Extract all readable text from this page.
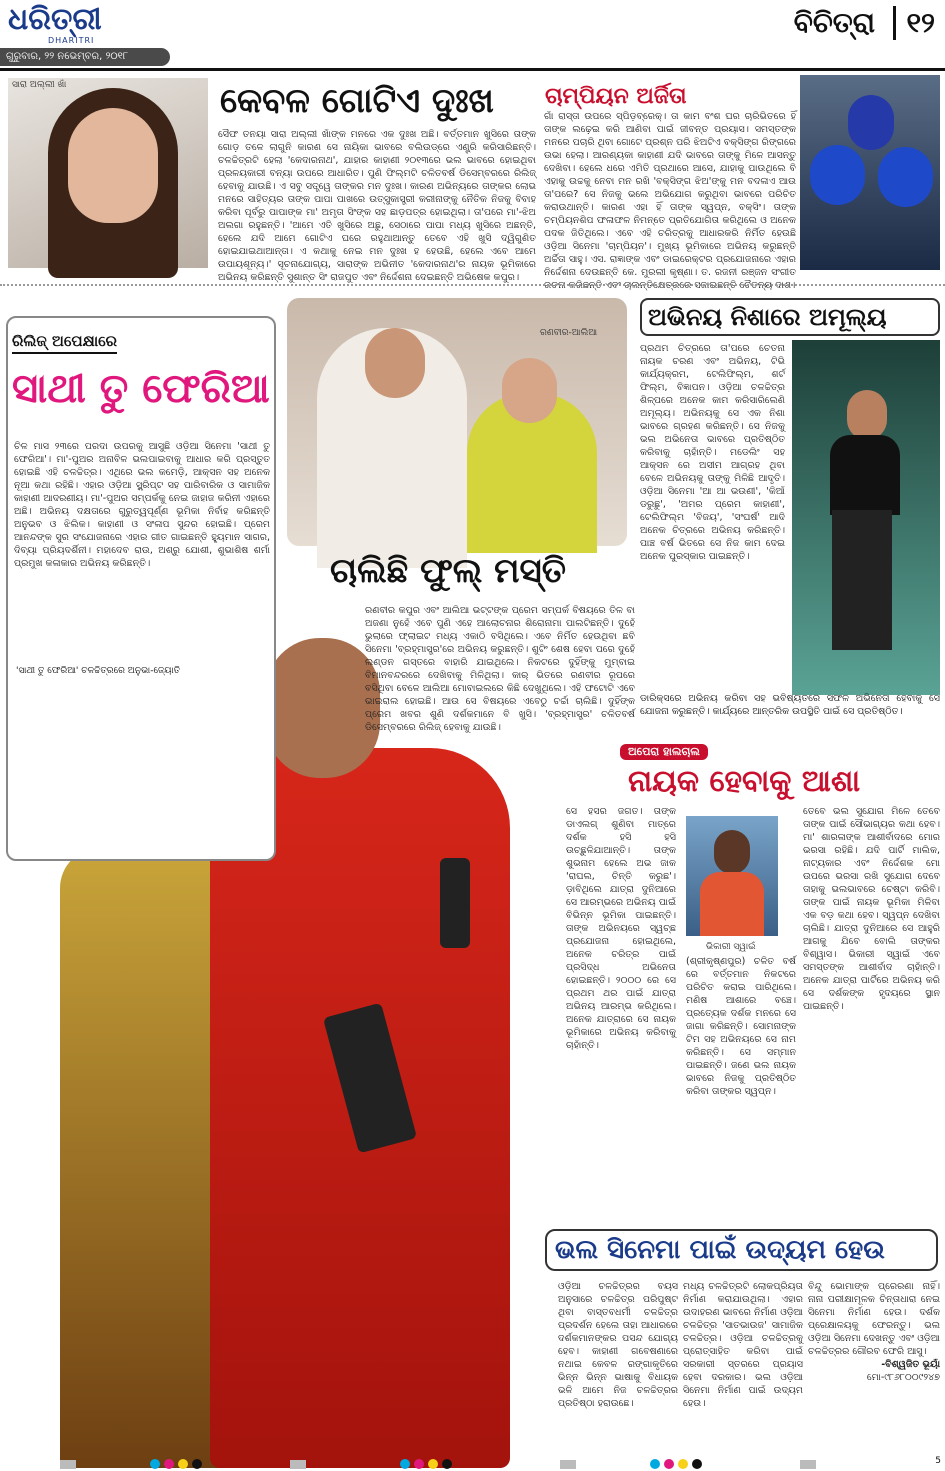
ଧରିତ୍ରୀ
DHARITRI
ଗୁରୁବାର, ୨୨ ନଭେମ୍ବର, ୨୦୧୮
ବିଚିତ୍ରା	୧୨
ସାରା ଅଲ୍ଲୀ ଖାଁ	କେବଳ ଗୋଟିଏ ଦୁଃଖ
ସୈଫ ତନୟା ସାରା ଅଲ୍ଲୀ ଖାଁଙ୍କ ମନରେ ଏକ ଦୁଃଖ ଅଛି। ବର୍ତ୍ତମାନ ଖୁସିରେ ତାଙ୍କ ଗୋଡ଼ ତଳେ ଲାଗୁନି କାରଣ ସେ ନାୟିକା ଭାବରେ ବଲିଉଡ୍‌ରେ ଏଣ୍ଟ୍ରି କରିସାରିଛନ୍ତି। ଚଳଚ୍ଚିତ୍ରଟି ହେଲା 'କେଦାରନାଥ', ଯାହାର କାହାଣୀ ୨୦୧୩ରେ ଭଲ ଭାବରେ ହୋଇଥିବା ପ୍ରଳୟକାରୀ ବନ୍ୟା ଉପରେ ଆଧାରିତ। ପୁଣି ଫିଲ୍ମଟି ଚଳିତବର୍ଷ ଡିସେମ୍ବରରେ ରିଲିଜ୍ ହେବାକୁ ଯାଉଛି। ଏ ସବୁ ସତ୍ତ୍ୱେ ତାଙ୍କର ମନ ଦୁଃଖ। କାରଣ ଅଭିନ୍ୟରେ ତାଙ୍କର ଲୋଭ ମନରେ ସାହିତ୍ୟର ତାଙ୍କ ପାପା ପାଖରେ ଉତ୍ସୁକାସ୍ତ୍ରୀ କରୀନାଙ୍କୁ ନୈତିକ ନିଜକୁ ବିବାହ କରିବା ପୂର୍ବରୁ ପାପାଙ୍କ ମା' ଅମୃତା ସିଂଙ୍କ ସହ ଛାଡ଼ପତ୍ର ହୋଇଥିଲା। ତା'ପରେ ମା'-ଝିଅ ଅଲଗା ରହୁଛନ୍ତି। 'ଆମେ ଏତି ଖୁସିରେ ଅଛୁ, ସେଠାରେ ପାପା ମଧ୍ୟ ଖୁସିରେ ଅଛନ୍ତି, ହେଲେ ଯଦି ଆମେ ଗୋଟିଏ ଘରେ ରହୁଥାଆନ୍ତୁ ତେବେ ଏହି ଖୁସି ଦ୍ୱିଗୁଣିତ ହୋଇଯାଇଥାଆନ୍ତା। ଏ କଥାକୁ ନେଇ ମନ ଦୁଃଖ ହ ହେଉଛି, ହେଲେ ଏବେ ଆମେ ଉପାୟଶୂନ୍ୟ।' ସୂଚନାଯୋଗ୍ୟ, ସାରାଙ୍କ ଅଭିନୀତ 'କେଦାରନାଥ'ର ନାୟକ ଭୂମିକାରେ ଅଭିନୟ କରିଛନ୍ତି ସୁଶାନ୍ତ ସିଂ ରାଜପୁତ ଏବଂ ନିର୍ଦ୍ଦେଶନା ଦେଇଛନ୍ତି ଅଭିଷେକ କପୁର।
ଚାମ୍ପିୟନ ଅର୍ଜିତା
ଗାଁ ରାସ୍ତା ଉପରେ ସ୍ପିଡ଼ବ୍ରେକ୍। ତା କାମ ବଂଶ ଘର ଚାରିଭିତରେ ହିଁ ତାଙ୍କ ଲଢ଼େଇ କରି ଆଣିବା ପାଇଁ ଜୀବନ୍ତ ପ୍ରୟାସ। ସମସ୍ତଙ୍କ ମନରେ ପଚାରି ଥିବା ଗୋଟେ ପ୍ରଶ୍ନ ପରି ଝିଅଟିଏ ବକ୍ସିଙ୍ଗ ରିଙ୍ଗରେ ଉଭା ହେଲା। ଆରଣ୍ୟକା କାହାଣୀ ଯଦି ଭାବରେ ତାଙ୍କୁ ମିଳେ ଆସନ୍ତୁ ଦେଖିବା। ହେଲେ ଧରେ ଏମିତି ପ୍ରଥାରେ ଆସେ, ଯାହାକୁ ପାଉଥିଲେ ବି ଏହାକୁ ଉଚ୍ଚକୁ ନେବା ମନ ରଖି 'ବକ୍ସିଙ୍ଗ ଝିଅ'ଙ୍କୁ ମନ ବଦଳାଏ ଆଉ ତା'ପରେ? ସେ ନିଜକୁ ଭଲେ ଅଭିଯୋଗ କରୁଥିବା ଭାବରେ ପରିଚିତ କରାଉଥାନ୍ତି। କାରଣ ଏହା ହିଁ ତାଙ୍କ ସ୍ୱପ୍ନ, ବକ୍ସିଂ। ତାଙ୍କ ଚମ୍ପିୟନଶିପ ଫଳାଫଳ ନିମନ୍ତେ ପ୍ରତିଯୋଗିତା କରିଥିଲେ ଓ ଅନେକ ପଦକ ଜିତିଥିଲେ। ଏବେ ଏହି ଚରିତ୍ରକୁ ଆଧାରକରି ନିର୍ମିତ ହେଉଛି ଓଡ଼ିଆ ସିନେମା 'ଚାମ୍ପିୟନ'। ମୁଖ୍ୟ ଭୂମିକାରେ ଅଭିନୟ କରୁଛନ୍ତି ଅର୍ଚ୍ଚିତା ସାହୁ। ଏସ. ରାଜ୍ଞାଙ୍କ ଏବଂ ଡାଇରେକ୍ଟର ପ୍ରଯୋଜନାରେ ଏହାର ନିର୍ଦ୍ଦେଶନା ଦେଉଛନ୍ତି କେ. ମୁରଲୀ କୃଷ୍ଣା। ତ. ରଜନୀ ରଞ୍ଜନ ସଂଗୀତ ରଚନା କରିଛନ୍ତି ଏବଂ ଚାଲନ୍ତିକ୍ଷେତ୍ରରେ ସଜାଇଛନ୍ତି ଚୈତନ୍ୟ ଦାଶ।
ରିଲିଜ୍ ଅପେକ୍ଷାରେ
ସାଥୀ ତୁ ଫେରିଆ
ଚିଳ ମାସ ୨୩ରେ ପରଦା ଉପରକୁ ଆସୁଛି ଓଡ଼ିଆ ସିନେମା 'ସାଥୀ ତୁ ଫେରିଆ'। ମା'-ପୁଅର ଅନାବିଳ ଭଲପାଇବାକୁ ଆଧାର କରି ପ୍ରସ୍ତୁତ ହୋଇଛି ଏହି ଚଳଚ୍ଚିତ୍ର। ଏଥିରେ ଭଲ କମେଡ଼ି, ଆକ୍ସନ ସହ ଅନେକ ନୂଆ କଥା ରହିଛି। ଏହାର ଓଡ଼ିଆ ସ୍କ୍ରିପ୍ଟ ସହ ପାରିବାରିକ ଓ ସାମାଜିକ କାହାଣୀ ଆଦରଣୀୟ। ମା'-ପୁଅର ସମ୍ପର୍କକୁ ନେଇ ଜାହାଜ କରିନୀ ଏହାରେ ଅଛି। ଅଭିନୟ ଦକ୍ଷତାରେ ଗୁରୁତ୍ୱପୂର୍ଣ୍ଣ ଭୂମିକା ନିର୍ବାହ କରିଛନ୍ତି ଅନୁଭବ ଓ ଝିଲିକ। କାହାଣୀ ଓ ସଂଳାପ ସୁନ୍ଦର ହୋଇଛି। ପ୍ରେମ ଆନନ୍ଦଙ୍କ ସୁର ସଂଯୋଜନାରେ ଏହାର ଗୀତ ଗାଇଛନ୍ତି ହ୍ୟୁମାନ ସାଗର, ଦିବ୍ୟା ପ୍ରିୟଦର୍ଶିନୀ। ମହାଦେବ ରାଉ, ଅଶ୍ରୁ ଯୋଶୀ, ଶୁଭାଶିଷ ଶର୍ମା ପ୍ରମୁଖ କଳାକାର ଅଭିନୟ କରିଛନ୍ତି।
'ସାଥୀ ତୁ ଫେରିଆ' ଚଳଚ୍ଚିତ୍ରରେ ଅନୁଭା-ଜ୍ୟୋତି
ରଣବୀର-ଆଲିଆ
ଚାଲିଛି ଫୁଲ୍ ମସ୍ତି
ରଣବୀର କପୁର ଏବଂ ଆଲିଆ ଭଟ୍ଟଙ୍କ ପ୍ରେମ ସମ୍ପର୍କ ବିଷୟରେ ତିଳ ବା ଅଜଣା ନୁହେଁ ଏବେ ପୁଣି ଏହେ ଆଲୋଚନାର ଶିରୋନାମା ପାଲଟିଛନ୍ତି। ଦୁହେଁ ଭୁଲାରେ ଫ୍ଲାଇଟ ମଧ୍ୟ ଏକାଠି ବସିଥିଲେ। ଏବେ ନିର୍ମିତ ହେଉଥିବା ଛବି ସିନେମା 'ବ୍ରହ୍ମାସ୍ତ୍ର'ରେ ଅଭିନୟ କରୁଛନ୍ତି। ଶୁଟିଂ ଶେଷ ହେବା ପରେ ଦୁହେଁ ଲଣ୍ଡନ ଗସ୍ତରେ ବାହାରି ଯାଇଥିଲେ। ନିକଟରେ ଦୁହିଁଙ୍କୁ ମୁମ୍ବାଇ ବିମାନବନ୍ଦରରେ ଦେଖିବାକୁ ମିଳିଥିଲା। କାର୍ ଭିତରେ ରଣବୀର ରୂପରେ ବସିଥିବା ବେଳେ ଆଲିଆ ମୋବାଇଲରେ କିଛି ଦେଖୁଥିଲେ। ଏହି ଫଟୋଟି ଏବେ ଭାଇରାଲ ହୋଇଛି। ଆଉ ସେ ବିଷୟରେ ଏବେଠୁ ଚର୍ଚ୍ଚା ଚାଲିଛି। ଦୁହିଁଙ୍କ ପ୍ରେମ ଖବର ଶୁଣି ଦର୍ଶକମାନେ ବି ଖୁସି। 'ବ୍ରହ୍ମାସ୍ତ୍ର' ଚଳିତବର୍ଷ ଡିସେମ୍ବରରେ ରିଲିଜ୍ ହେବାକୁ ଯାଉଛି।
ଅଭିନୟ ନିଶାରେ ଅମୂଲ୍ୟ
ପ୍ରଥମ ଚିତ୍ରରେ ତା'ପରେ ଚେତନା ନାୟକ ଚରଣ ଏବଂ ଅଭିନୟ, ଟିଭି କାର୍ଯ୍ୟକ୍ରମ, ଟେଲିଫିଲ୍ମ, ଶର୍ଟ ଫିଲ୍ମ, ବିଜ୍ଞାପନ। ଓଡ଼ିଆ ଚଳଚ୍ଚିତ୍ର ଶିଳ୍ପରେ ଅନେକ କାମ କରିସାରିଲେଣି ଅମୂଲ୍ୟ। ଅଭିନୟକୁ ସେ ଏକ ନିଶା ଭାବରେ ଗ୍ରହଣ କରିଛନ୍ତି। ସେ ନିଜକୁ ଭଲ ଅଭିନେତା ଭାବରେ ପ୍ରତିଷ୍ଠିତ କରିବାକୁ ଚାହାଁନ୍ତି। ମଡେଲିଂ ସହ ଆକ୍ସନ ରେ ଅସୀମ ଆଗ୍ରହ ଥିବା ବେଳେ ଅଭିନୟକୁ ତାଙ୍କୁ ମିଳିଛି ଆଦୃତି। ଓଡ଼ିଆ ସିନେମା 'ଆ ଆ ଭଉଣୀ', 'କିଆଁ ଡରୁଛୁ', 'ଅମର ପ୍ରେମ କାହାଣୀ', ଟେଲିଫିଲ୍ମ 'ବିଜୟ', 'ସଂଘର୍ଷ' ଆଦି ଅନେକ ଚିତ୍ରରେ ଅଭିନୟ କରିଛନ୍ତି। ପାଞ୍ଚ ବର୍ଷ ଭିତରେ ସେ ନିଜ କାମ ଦେଇ ଅନେକ ପୁରସ୍କାର ପାଇଛନ୍ତି।
ଡାରିକ୍ସରେ ଅଭିନୟ କରିବା ସହ ଭବିଷ୍ୟତରେ ସଫଳ ଅଭିନେତା ହେବାକୁ ସେ ଯୋଜନା କରୁଛନ୍ତି। କାର୍ଯ୍ୟରେ ଆନ୍ତରିକ ଉପସ୍ଥିତି ପାଇଁ ସେ ପ୍ରତିଷ୍ଠିତ।
ଅପେରା ହାଲଚାଲ
ନାୟକ ହେବାକୁ ଆଶା
ସେ ହସର ଜଗତ। ତାଙ୍କ ଡାଏଲଗ୍ ଶୁଣିବା ମାତ୍ରେ ଦର୍ଶକ ହସି ହସି ଉଚ୍ଛୁଳିଯାଆନ୍ତି। ତାଙ୍କ ଶୁଭନାମ ହେଲେ ଅଭ ଜାକ 'ରାଘଲ, ଚିନ୍ତି କରୁଛ'। ଡ଼ାବିଥିଲେ ଯାତ୍ରା ଦୁନିଆରେ ସେ ଆରମ୍ଭରେ ଅଭିନୟ ପାଇଁ ବିଭିନ୍ନ ଭୂମିକା ପାଇଛନ୍ତି। ତାଙ୍କ ଅଭିନୟରେ ସ୍ୱଚ୍ଛ ପ୍ରଯୋଜନା ହୋଇଥିଲେ, ଅନେକ ଚରିତ୍ର ପାଇଁ ପ୍ରସିଦ୍ଧ ଅଭିନେତା ହୋଇଛନ୍ତି। ୨୦୦୦ ରେ ସେ ପ୍ରଥମ ଥର ପାଇଁ ଯାତ୍ରା ଅଭିନୟ ଆରମ୍ଭ କରିଥିଲେ। ଅନେକ ଯାତ୍ରାରେ ସେ ନାୟକ ଭୂମିକାରେ ଅଭିନୟ କରିବାକୁ ଚାହାଁନ୍ତି।
ଭିକାରୀ ସ୍ୱାଇଁ
(ଶ୍ରୀକୃଷ୍ଣପୁର) ଚଳିତ ବର୍ଷ ରେ ବର୍ତ୍ତମାନ ନିକଟରେ ପରିଚିତ କରାଇ ପାରିଥିଲେ। ମଣିଷ ଆଶାରେ ବଞ୍ଚେ। ପ୍ରତ୍ୟେକ ଦର୍ଶକ ମନରେ ସେ ଜାଗା କରିଛନ୍ତି। ସୋମନାଙ୍କ ଟିମ ସହ ଅଭିନୟରେ ସେ ନାମ କରିଛନ୍ତି। ସେ ସମ୍ମାନ ପାଇଛନ୍ତି। ଜଣେ ଭଲ ନାୟକ ଭାବରେ ନିଜକୁ ପ୍ରତିଷ୍ଠିତ କରିବା ତାଙ୍କର ସ୍ୱପ୍ନ।
ତେବେ ଭଲ ସୁଯୋଗ ମିଳେ ତେବେ ତାଙ୍କ ପାଇଁ ସୌଭାଗ୍ୟର କଥା ହେବ। ମା' ଶାରଳାଙ୍କ ଆଶୀର୍ବାଦରେ ମୋର ଭରସା ରହିଛି। ଯଦି ପାର୍ଟି ମାଲିକ, ନାଟ୍ୟକାର ଏବଂ ନିର୍ଦ୍ଦେଶକ ମୋ ଉପରେ ଭରସା ରଖି ସୁଯୋଗ ଦେବେ ତାହାକୁ ଭଲଭାବରେ ଚେଷ୍ଟା କରିବି। ତାଙ୍କ ପାଇଁ ନାୟକ ଭୂମିକା ମିଳିବା ଏକ ବଡ଼ କଥା ହେବ। ସ୍ୱପ୍ନ ଦେଖିବା ଚାଲିଛି। ଯାତ୍ରା ଦୁନିଆରେ ସେ ଆହୁରି ଆଗକୁ ଯିବେ ବୋଲି ତାଙ୍କର ବିଶ୍ୱାସ। ଭିକାରୀ ସ୍ୱାଇଁ ଏବେ ସମସ୍ତଙ୍କ ଆଶୀର୍ବାଦ ଚାହାଁନ୍ତି। ଅନେକ ଯାତ୍ରା ପାର୍ଟିରେ ଅଭିନୟ କରି ସେ ଦର୍ଶକଙ୍କ ହୃଦୟରେ ସ୍ଥାନ ପାଇଛନ୍ତି।
ଭଲ ସିନେମା ପାଇଁ ଉଦ୍ୟମ ହେଉ
ଓଡ଼ିଆ ଚଳଚ୍ଚିତ୍ରର ବୟସ ଅନୁସାରେ ଚଳଚ୍ଚିତ୍ର ପରିପୁଷ୍ଟ ଥିବା ବାସ୍ତବଧର୍ମୀ ଚଳଚ୍ଚିତ୍ର ପ୍ରଦର୍ଶନ ହେଲେ ତାହା ଆଧାରରେ ଦର୍ଶକମାନଙ୍କର ପସନ୍ଦ ଯୋଗ୍ୟ ହେବ। କାହାଣୀ ଗବେଷଣାରେ ନଥାଇ କେବଳ ରଙ୍ଗାକୃତିରେ ଭିନ୍ନ ଭିନ୍ନ ଭାଷାକୁ ବିଧାୟକ ଭଳି ଆମେ ନିଜ ଚଳଚ୍ଚିତ୍ରର ପ୍ରତିଷ୍ଠା ହରାଉଛେ।
ମଧ୍ୟ ଚଳଚ୍ଚିତ୍ରଟି ଲୋକପ୍ରିୟତା ନିର୍ମାଣ କରାଯାଉଥିଲା। ଏହାର ଉଦାହରଣ ଭାବରେ ନିର୍ମାଣ ଓଡ଼ିଆ ଚଳଚ୍ଚିତ୍ର 'ସାତଭାଉଜ' ସାମାଜିକ ଚଳଚ୍ଚିତ୍ର। ଓଡ଼ିଆ ଚଳଚ୍ଚିତ୍ରକୁ ପ୍ରୋତ୍ସାହିତ କରିବା ପାଇଁ ସରକାରୀ ସ୍ତରରେ ପ୍ରୟାସ ହେବା ଦରକାର। ଭଲ ଓଡ଼ିଆ ସିନେମା ନିର୍ମାଣ ପାଇଁ ଉଦ୍ୟମ ହେଉ।
ବିନ୍ଦୁ ଭୋମାଙ୍କ ପ୍ରେରଣା ନାହିଁ। ନାନା ପରୀକ୍ଷାମୂଳକ ଚିନ୍ତାଧାରା ନେଇ ସିନେମା ନିର୍ମାଣ ହେଉ। ଦର୍ଶକ ପ୍ରେକ୍ଷାଳୟକୁ ଫେରନ୍ତୁ। ଭଲ ଓଡ଼ିଆ ସିନେମା ଦେଖନ୍ତୁ ଏବଂ ଓଡ଼ିଆ ଚଳଚ୍ଚିତ୍ରର ଗୌରବ ଫେରି ଆସୁ।
-ବିଶ୍ୱଜିତ ଭୂୟାଁ
ମୋ-୯୮୬୮୦୦୯୨୪୭
5
